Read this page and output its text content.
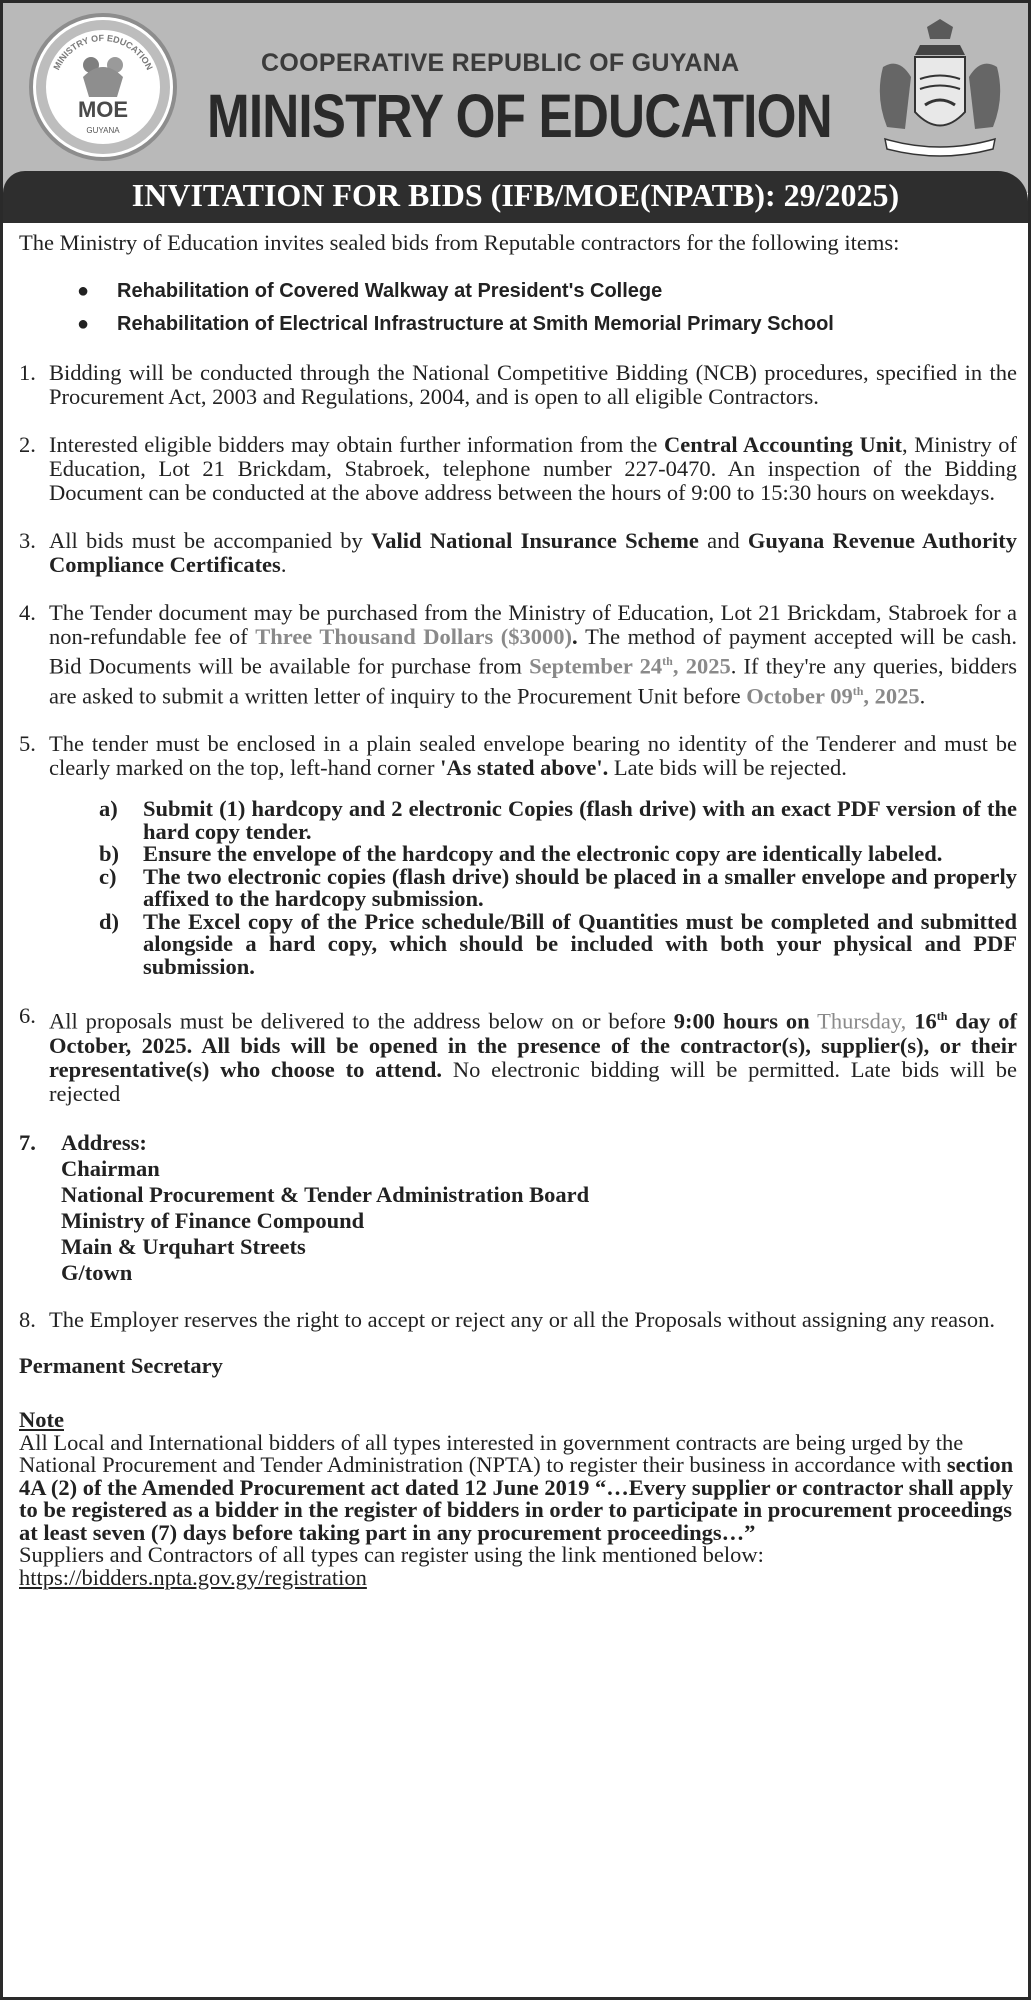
MINISTRY OF EDUCATION
MOE
GUYANA
COOPERATIVE REPUBLIC OF GUYANA
MINISTRY OF EDUCATION
INVITATION FOR BIDS (IFB/MOE(NPATB): 29/2025)

The Ministry of Education invites sealed bids from Reputable contractors for the following items:

● Rehabilitation of Covered Walkway at President's College
● Rehabilitation of Electrical Infrastructure at Smith Memorial Primary School
1. Bidding will be conducted through the National Competitive Bidding (NCB) procedures, specified in the Procurement Act, 2003 and Regulations, 2004, and is open to all eligible Contractors.
2. Interested eligible bidders may obtain further information from the Central Accounting Unit, Ministry of Education, Lot 21 Brickdam, Stabroek, telephone number 227-0470. An inspection of the Bidding Document can be conducted at the above address between the hours of 9:00 to 15:30 hours on weekdays.
3. All bids must be accompanied by Valid National Insurance Scheme and Guyana Revenue Authority Compliance Certificates.
4. The Tender document may be purchased from the Ministry of Education, Lot 21 Brickdam, Stabroek for a non-refundable fee of Three Thousand Dollars ($3000). The method of payment accepted will be cash. Bid Documents will be available for purchase from September 24th, 2025. If they're any queries, bidders are asked to submit a written letter of inquiry to the Procurement Unit before October 09th, 2025.
5. The tender must be enclosed in a plain sealed envelope bearing no identity of the Tenderer and must be clearly marked on the top, left-hand corner 'As stated above'. Late bids will be rejected.
a) Submit (1) hardcopy and 2 electronic Copies (flash drive) with an exact PDF version of the hard copy tender.
b) Ensure the envelope of the hardcopy and the electronic copy are identically labeled.
c) The two electronic copies (flash drive) should be placed in a smaller envelope and properly affixed to the hardcopy submission.
d) The Excel copy of the Price schedule/Bill of Quantities must be completed and submitted alongside a hard copy, which should be included with both your physical and PDF submission.
6. All proposals must be delivered to the address below on or before 9:00 hours on Thursday, 16th day of October, 2025. All bids will be opened in the presence of the contractor(s), supplier(s), or their representative(s) who choose to attend. No electronic bidding will be permitted. Late bids will be rejected
7. Address:
Chairman
National Procurement & Tender Administration Board
Ministry of Finance Compound
Main & Urquhart Streets
G/town
8. The Employer reserves the right to accept or reject any or all the Proposals without assigning any reason.

Permanent Secretary

Note

All Local and International bidders of all types interested in government contracts are being urged by the National Procurement and Tender Administration (NPTA) to register their business in accordance with section 4A (2) of the Amended Procurement act dated 12 June 2019 “…Every supplier or contractor shall apply to be registered as a bidder in the register of bidders in order to participate in procurement proceedings at least seven (7) days before taking part in any procurement proceedings…”

Suppliers and Contractors of all types can register using the link mentioned below:

https://bidders.npta.gov.gy/registration
